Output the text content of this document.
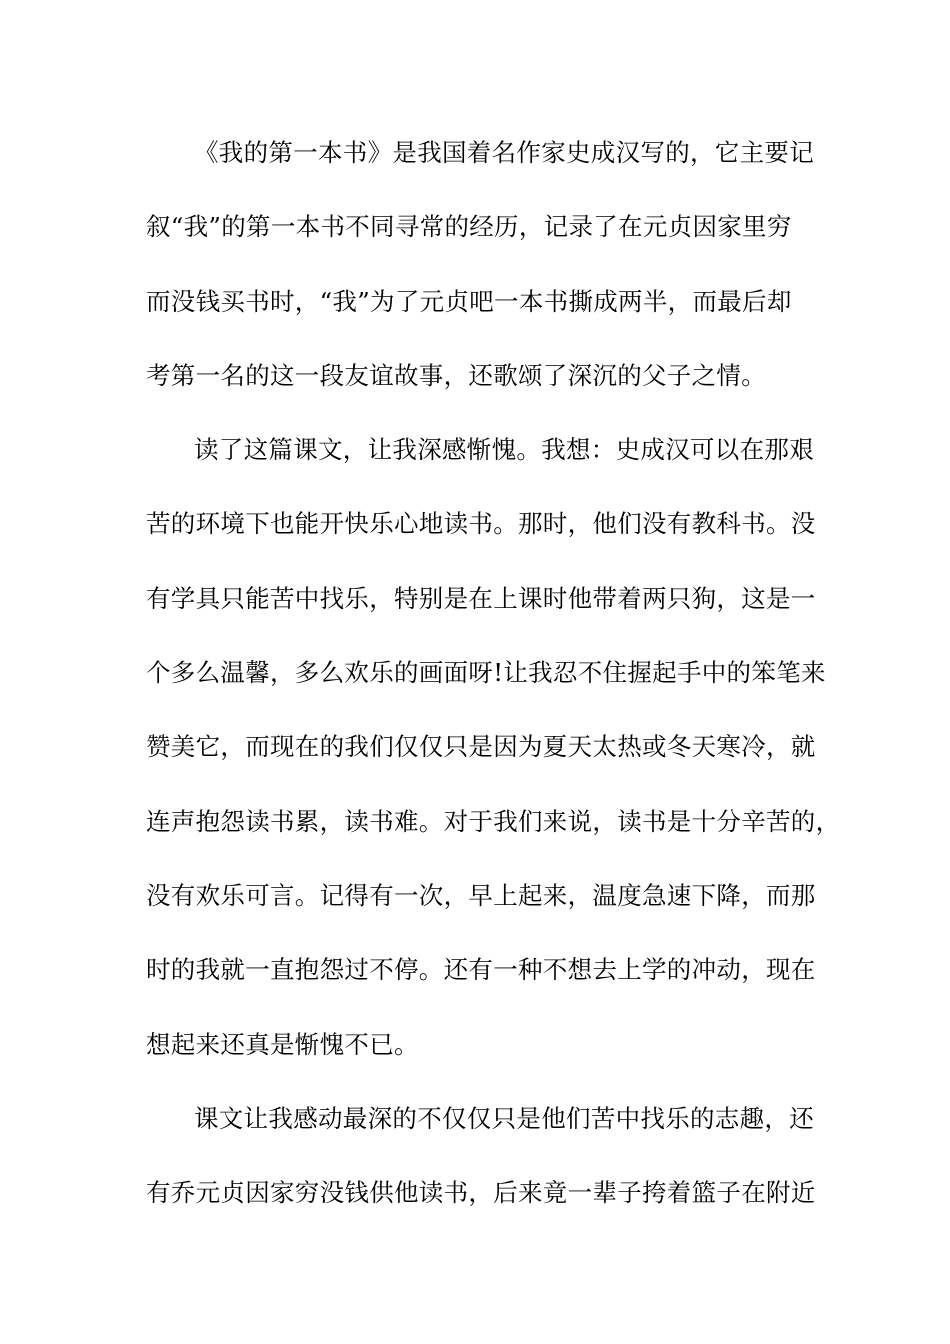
《我的第一本书》是我国着名作家史成汉写的，它主要记
叙“我”的第一本书不同寻常的经历，记录了在元贞因家里穷
而没钱买书时，“我”为了元贞吧一本书撕成两半，而最后却
考第一名的这一段友谊故事，还歌颂了深沉的父子之情。
读了这篇课文，让我深感惭愧。我想：史成汉可以在那艰
苦的环境下也能开快乐心地读书。那时，他们没有教科书。没
有学具只能苦中找乐，特别是在上课时他带着两只狗，这是一
个多么温馨，多么欢乐的画面呀!让我忍不住握起手中的笨笔来
赞美它，而现在的我们仅仅只是因为夏天太热或冬天寒冷，就
连声抱怨读书累，读书难。对于我们来说，读书是十分辛苦的，
没有欢乐可言。记得有一次，早上起来，温度急速下降，而那
时的我就一直抱怨过不停。还有一种不想去上学的冲动，现在
想起来还真是惭愧不已。
课文让我感动最深的不仅仅只是他们苦中找乐的志趣，还
有乔元贞因家穷没钱供他读书，后来竟一辈子挎着篮子在附近
